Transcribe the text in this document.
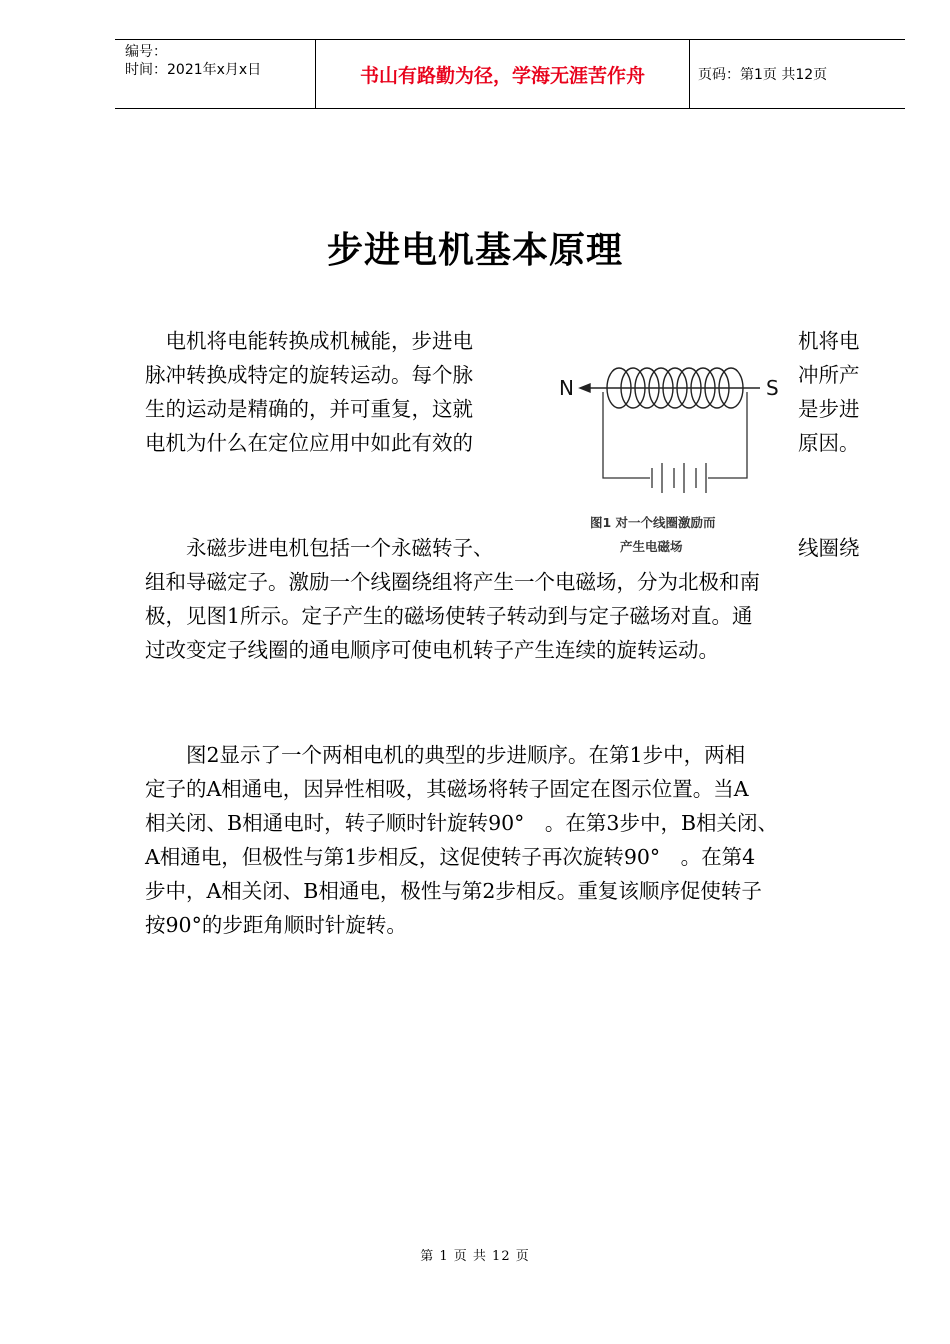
编号：
时间：2021年x月x日	书山有路勤为径，学海无涯苦作舟	页码：第1页 共12页
步进电机基本原理
　电机将电能转换成机械能，步进电	机将电
脉冲转换成特定的旋转运动。每个脉	冲所产
生的运动是精确的，并可重复，这就	是步进
电机为什么在定位应用中如此有效的	原因。
　　永磁步进电机包括一个永磁转子、	线圈绕
组和导磁定子。激励一个线圈绕组将产生一个电磁场，分为北极和南
极，见图1所示。定子产生的磁场使转子转动到与定子磁场对直。通
过改变定子线圈的通电顺序可使电机转子产生连续的旋转运动。
　　图2显示了一个两相电机的典型的步进顺序。在第1步中，两相
定子的A相通电，因异性相吸，其磁场将转子固定在图示位置。当A
相关闭、B相通电时，转子顺时针旋转90°　。在第3步中，B相关闭、
A相通电，但极性与第1步相反，这促使转子再次旋转90°　。在第4
步中，A相关闭、B相通电，极性与第2步相反。重复该顺序促使转子
按90°的步距角顺时针旋转。
N	S
图1 对一个线圈激励而
产生电磁场
第 1 页 共 12 页
